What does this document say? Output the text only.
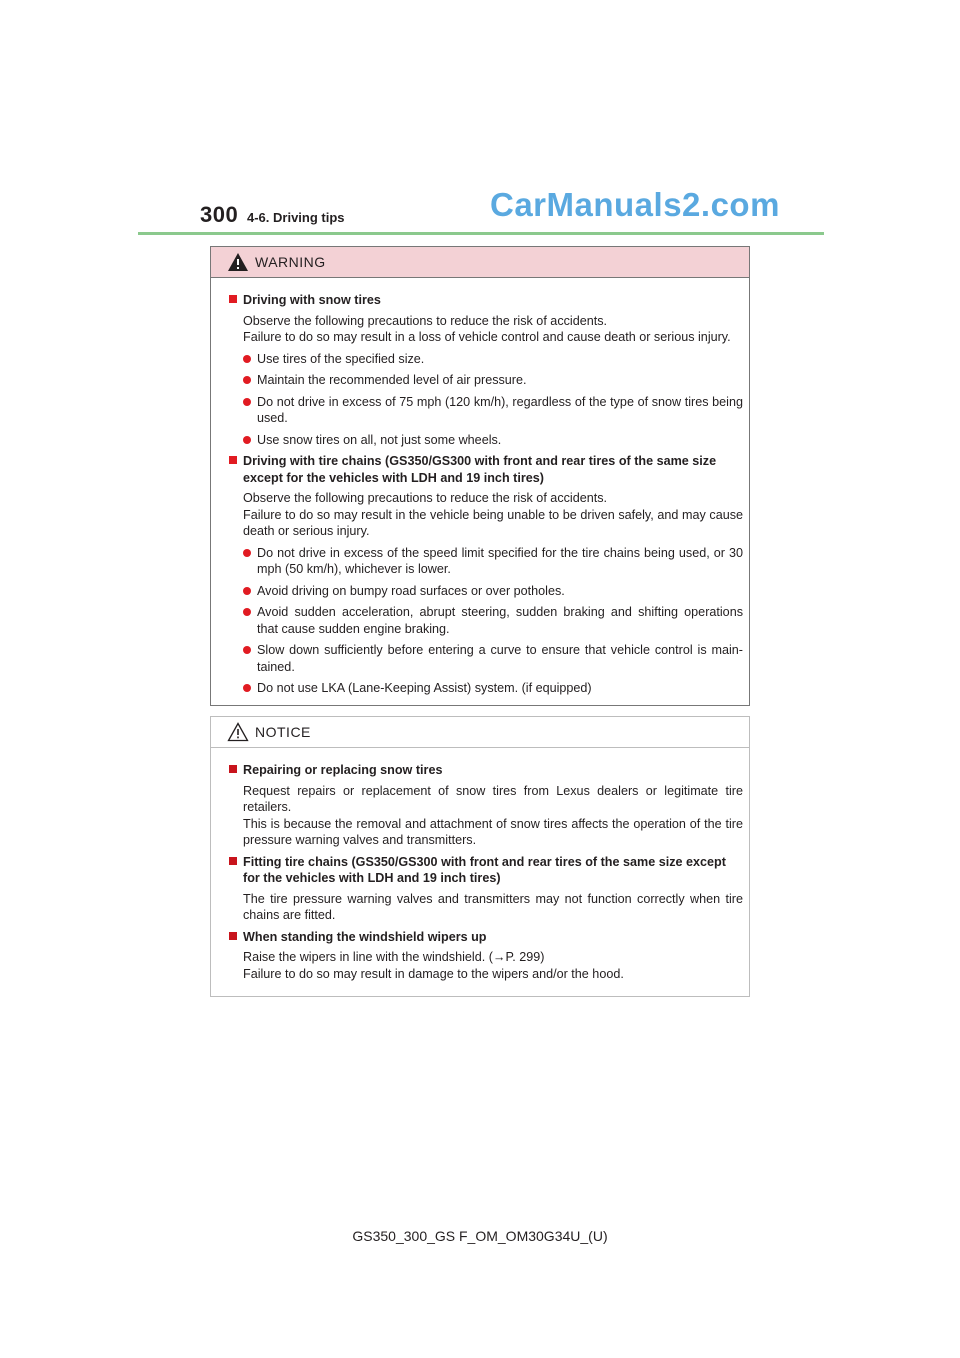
300 4-6. Driving tips	CarManuals2.com
WARNING
Driving with snow tires
Observe the following precautions to reduce the risk of accidents.
Failure to do so may result in a loss of vehicle control and cause death or serious injury.
Use tires of the specified size.
Maintain the recommended level of air pressure.
Do not drive in excess of 75 mph (120 km/h), regardless of the type of snow tires being used.
Use snow tires on all, not just some wheels.
Driving with tire chains (GS350/GS300 with front and rear tires of the same size except for the vehicles with LDH and 19 inch tires)
Observe the following precautions to reduce the risk of accidents.
Failure to do so may result in the vehicle being unable to be driven safely, and may cause death or serious injury.
Do not drive in excess of the speed limit specified for the tire chains being used, or 30 mph (50 km/h), whichever is lower.
Avoid driving on bumpy road surfaces or over potholes.
Avoid sudden acceleration, abrupt steering, sudden braking and shifting operations that cause sudden engine braking.
Slow down sufficiently before entering a curve to ensure that vehicle control is main-tained.
Do not use LKA (Lane-Keeping Assist) system. (if equipped)
NOTICE
Repairing or replacing snow tires
Request repairs or replacement of snow tires from Lexus dealers or legitimate tire retailers.
This is because the removal and attachment of snow tires affects the operation of the tire pressure warning valves and transmitters.
Fitting tire chains (GS350/GS300 with front and rear tires of the same size except for the vehicles with LDH and 19 inch tires)
The tire pressure warning valves and transmitters may not function correctly when tire chains are fitted.
When standing the windshield wipers up
Raise the wipers in line with the windshield. (→P. 299)
Failure to do so may result in damage to the wipers and/or the hood.
GS350_300_GS F_OM_OM30G34U_(U)
